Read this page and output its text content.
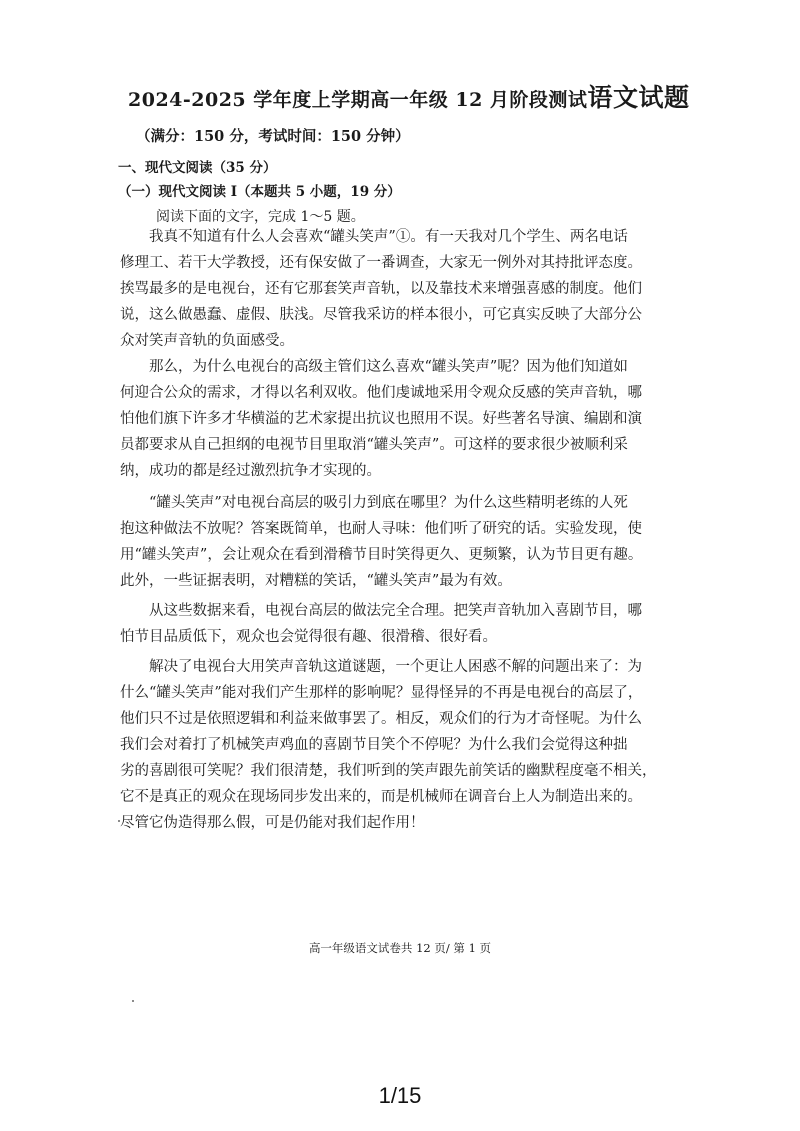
2024-2025 学年度上学期高一年级 12 月阶段测试语文试题
（满分：150 分，考试时间：150 分钟）
一、现代文阅读（35 分）
（一）现代文阅读 I（本题共 5 小题，19 分）
阅读下面的文字，完成 1～5 题。
　　我真不知道有什么人会喜欢“罐头笑声”①。有一天我对几个学生、两名电话
修理工、若干大学教授，还有保安做了一番调查，大家无一例外对其持批评态度。
挨骂最多的是电视台，还有它那套笑声音轨，以及靠技术来增强喜感的制度。他们
说，这么做愚蠢、虚假、肤浅。尽管我采访的样本很小，可它真实反映了大部分公
众对笑声音轨的负面感受。
　　那么，为什么电视台的高级主管们这么喜欢“罐头笑声”呢？因为他们知道如
何迎合公众的需求，才得以名利双收。他们虔诚地采用令观众反感的笑声音轨，哪
怕他们旗下许多才华横溢的艺术家提出抗议也照用不误。好些著名导演、编剧和演
员都要求从自己担纲的电视节目里取消“罐头笑声”。可这样的要求很少被顺利采
纳，成功的都是经过激烈抗争才实现的。
　　“罐头笑声”对电视台高层的吸引力到底在哪里？为什么这些精明老练的人死
抱这种做法不放呢？答案既简单，也耐人寻味：他们听了研究的话。实验发现，使
用“罐头笑声”，会让观众在看到滑稽节目时笑得更久、更频繁，认为节目更有趣。
此外，一些证据表明，对糟糕的笑话，“罐头笑声”最为有效。
　　从这些数据来看，电视台高层的做法完全合理。把笑声音轨加入喜剧节目，哪
怕节目品质低下，观众也会觉得很有趣、很滑稽、很好看。
　　解决了电视台大用笑声音轨这道谜题，一个更让人困惑不解的问题出来了：为
什么“罐头笑声”能对我们产生那样的影响呢？显得怪异的不再是电视台的高层了，
他们只不过是依照逻辑和利益来做事罢了。相反，观众们的行为才奇怪呢。为什么
我们会对着打了机械笑声鸡血的喜剧节目笑个不停呢？为什么我们会觉得这种拙
劣的喜剧很可笑呢？我们很清楚，我们听到的笑声跟先前笑话的幽默程度毫不相关，
它不是真正的观众在现场同步发出来的，而是机械师在调音台上人为制造出来的。
尽管它伪造得那么假，可是仍能对我们起作用！
高一年级语文试卷共 12 页/ 第 1 页
1/15
